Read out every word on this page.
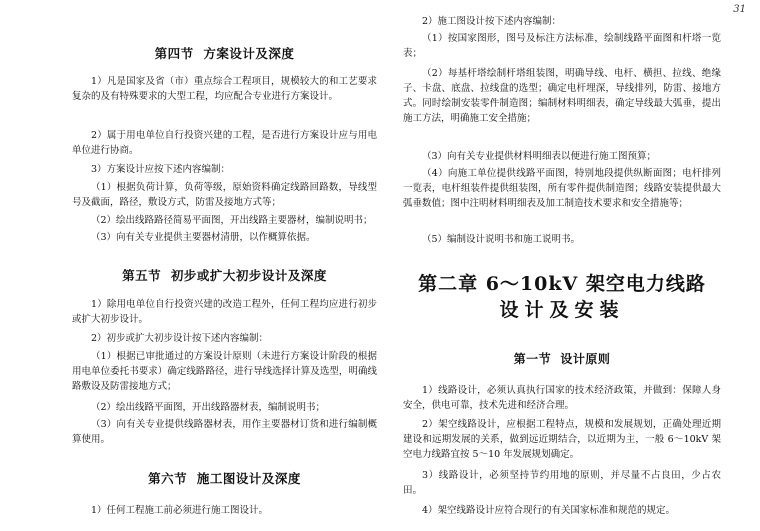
31
第四节  方案设计及深度
1）凡是国家及省（市）重点综合工程项目，规模较大的和工艺要求复杂的及有特殊要求的大型工程，均应配合专业进行方案设计。
2）属于用电单位自行投资兴建的工程，是否进行方案设计应与用电单位进行协商。
3）方案设计应按下述内容编制：
（1）根据负荷计算，负荷等级，原始资料确定线路回路数，导线型号及截面，路径，敷设方式，防雷及接地方式等；
（2）绘出线路路径简易平面图，开出线路主要器材，编制说明书；
（3）向有关专业提供主要器材清册，以作概算依据。
第五节  初步或扩大初步设计及深度
1）除用电单位自行投资兴建的改造工程外，任何工程均应进行初步或扩大初步设计。
2）初步或扩大初步设计按下述内容编制：
（1）根据已审批通过的方案设计原则（未进行方案设计阶段的根据用电单位委托书要求）确定线路路径，进行导线选择计算及选型，明确线路敷设及防雷接地方式；
（2）绘出线路平面图，开出线路器材表，编制说明书；
（3）向有关专业提供线路器材表，用作主要器材订货和进行编制概算使用。
第六节  施工图设计及深度
1）任何工程施工前必须进行施工图设计。
2）施工图设计按下述内容编制：
（1）按国家图形，图号及标注方法标准，绘制线路平面图和杆塔一览表；
（2）每基杆塔绘制杆塔组装图，明确导线、电杆、横担、拉线、绝缘子、卡盘、底盘、拉线盘的选型；确定电杆埋深，导线排列，防雷、接地方式。同时绘制安装零件制造图；编制材料明细表，确定导线最大弧垂，提出施工方法，明确施工安全措施；
（3）向有关专业提供材料明细表以便进行施工图预算；
（4）向施工单位提供线路平面图，特别地段提供纵断面图；电杆排列一览表，电杆组装件提供组装图，所有零件提供制造图；线路安装提供最大弧垂数值；图中注明材料明细表及加工制造技术要求和安全措施等；
（5）编制设计说明书和施工说明书。
第二章 6～10kV 架空电力线路
设计及安装
第一节  设计原则
1）线路设计，必须认真执行国家的技术经济政策，并做到：保障人身安全，供电可靠，技术先进和经济合理。
2）架空线路设计，应根据工程特点，规模和发展规划，正确处理近期建设和远期发展的关系，做到远近期结合，以近期为主，一般 6～10kV 架空电力线路宜按 5～10 年发展规划确定。
3）线路设计，必须坚持节约用地的原则，并尽量不占良田，少占农田。
4）架空线路设计应符合现行的有关国家标准和规范的规定。
